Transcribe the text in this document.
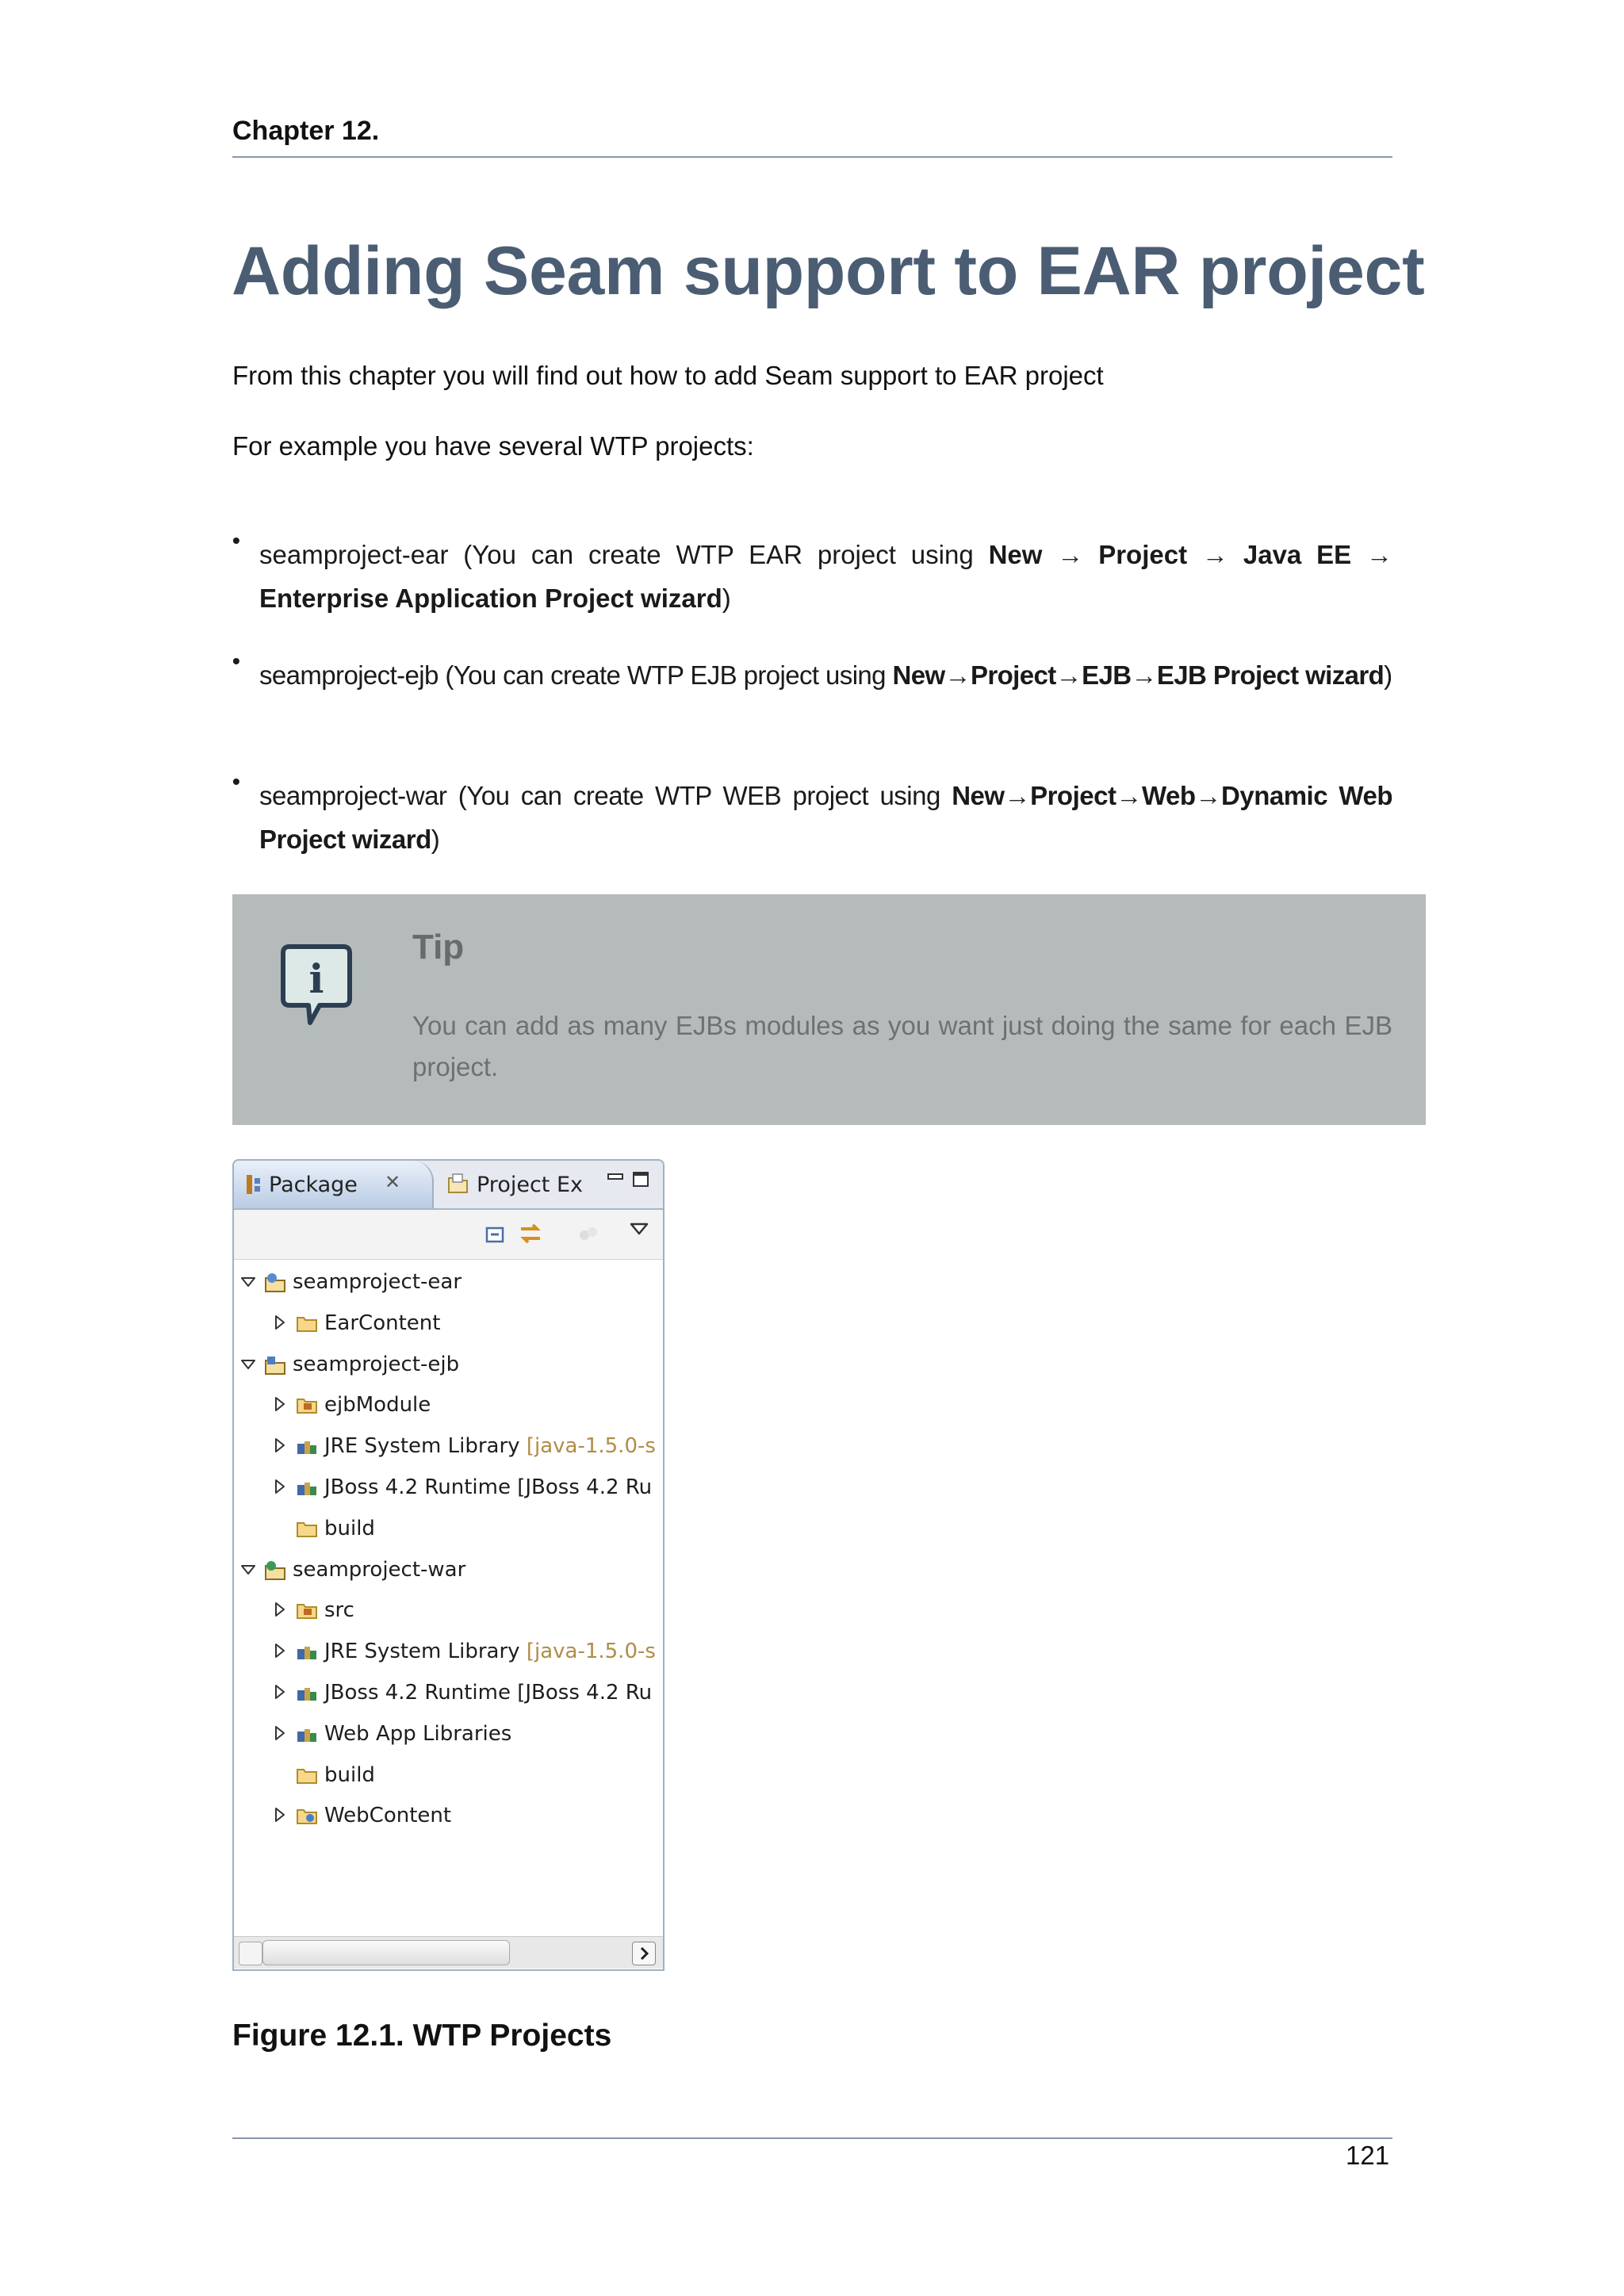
Chapter 12.
Adding Seam support to EAR project
From this chapter you will find out how to add Seam support to EAR project
For example you have several WTP projects:
• seamproject-ear (You can create WTP EAR project using New → Project → Java EE → Enterprise Application Project wizard)
• seamproject-ejb (You can create WTP EJB project using New→Project→EJB→EJB Project wizard)
• seamproject-war (You can create WTP WEB project using New→Project→Web→Dynamic Web Project wizard)
i
Tip
You can add as many EJBs modules as you want just doing the same for each EJB project.
Package ✕	Project Ex
seamproject-ear
EarContent
seamproject-ejb
ejbModule
JRE System Library [java-1.5.0-s
JBoss 4.2 Runtime [JBoss 4.2 Ru
build
seamproject-war
src
JRE System Library [java-1.5.0-s
JBoss 4.2 Runtime [JBoss 4.2 Ru
Web App Libraries
build
WebContent
Figure 12.1. WTP Projects
121
